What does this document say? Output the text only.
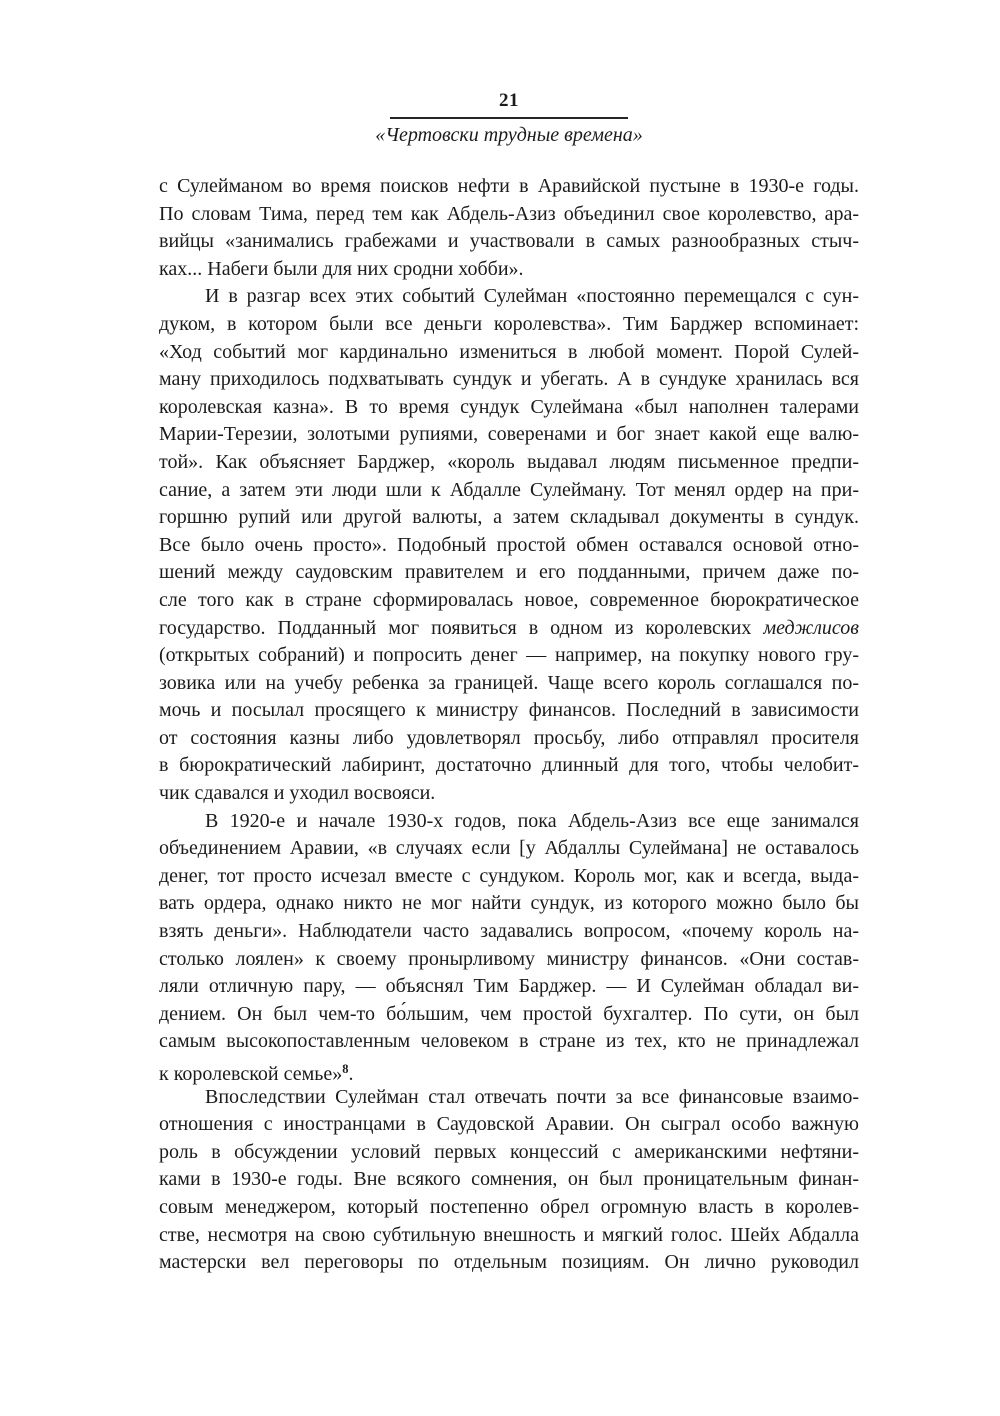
21
«Чертовски трудные времена»
с Сулейманом во время поисков нефти в Аравийской пустыне в 1930-е годы.
По словам Тима, перед тем как Абдель-Азиз объединил свое королевство, ара-
вийцы «занимались грабежами и участвовали в самых разнообразных стыч-
ках... Набеги были для них сродни хобби».
И в разгар всех этих событий Сулейман «постоянно перемещался с сун-
дуком, в котором были все деньги королевства». Тим Барджер вспоминает:
«Ход событий мог кардинально измениться в любой момент. Порой Сулей-
ману приходилось подхватывать сундук и убегать. А в сундуке хранилась вся
королевская казна». В то время сундук Сулеймана «был наполнен талерами
Марии-Терезии, золотыми рупиями, соверенами и бог знает какой еще валю-
той». Как объясняет Барджер, «король выдавал людям письменное предпи-
сание, а затем эти люди шли к Абдалле Сулейману. Тот менял ордер на при-
горшню рупий или другой валюты, а затем складывал документы в сундук.
Все было очень просто». Подобный простой обмен оставался основой отно-
шений между саудовским правителем и его подданными, причем даже по-
сле того как в стране сформировалась новое, современное бюрократическое
государство. Подданный мог появиться в одном из королевских меджлисов
(открытых собраний) и попросить денег — например, на покупку нового гру-
зовика или на учебу ребенка за границей. Чаще всего король соглашался по-
мочь и посылал просящего к министру финансов. Последний в зависимости
от состояния казны либо удовлетворял просьбу, либо отправлял просителя
в бюрократический лабиринт, достаточно длинный для того, чтобы челобит-
чик сдавался и уходил восвояси.
В 1920-е и начале 1930-х годов, пока Абдель-Азиз все еще занимался
объединением Аравии, «в случаях если [у Абдаллы Сулеймана] не оставалось
денег, тот просто исчезал вместе с сундуком. Король мог, как и всегда, выда-
вать ордера, однако никто не мог найти сундук, из которого можно было бы
взять деньги». Наблюдатели часто задавались вопросом, «почему король на-
столько лоялен» к своему пронырливому министру финансов. «Они состав-
ляли отличную пару, — объяснял Тим Барджер. — И Сулейман обладал ви-
дением. Он был чем-то бо́льшим, чем простой бухгалтер. По сути, он был
самым высокопоставленным человеком в стране из тех, кто не принадлежал
к королевской семье»$^8$.
Впоследствии Сулейман стал отвечать почти за все финансовые взаимо-
отношения с иностранцами в Саудовской Аравии. Он сыграл особо важную
роль в обсуждении условий первых концессий с американскими нефтяни-
ками в 1930-е годы. Вне всякого сомнения, он был проницательным финан-
совым менеджером, который постепенно обрел огромную власть в королев-
стве, несмотря на свою субтильную внешность и мягкий голос. Шейх Абдалла
мастерски вел переговоры по отдельным позициям. Он лично руководил
